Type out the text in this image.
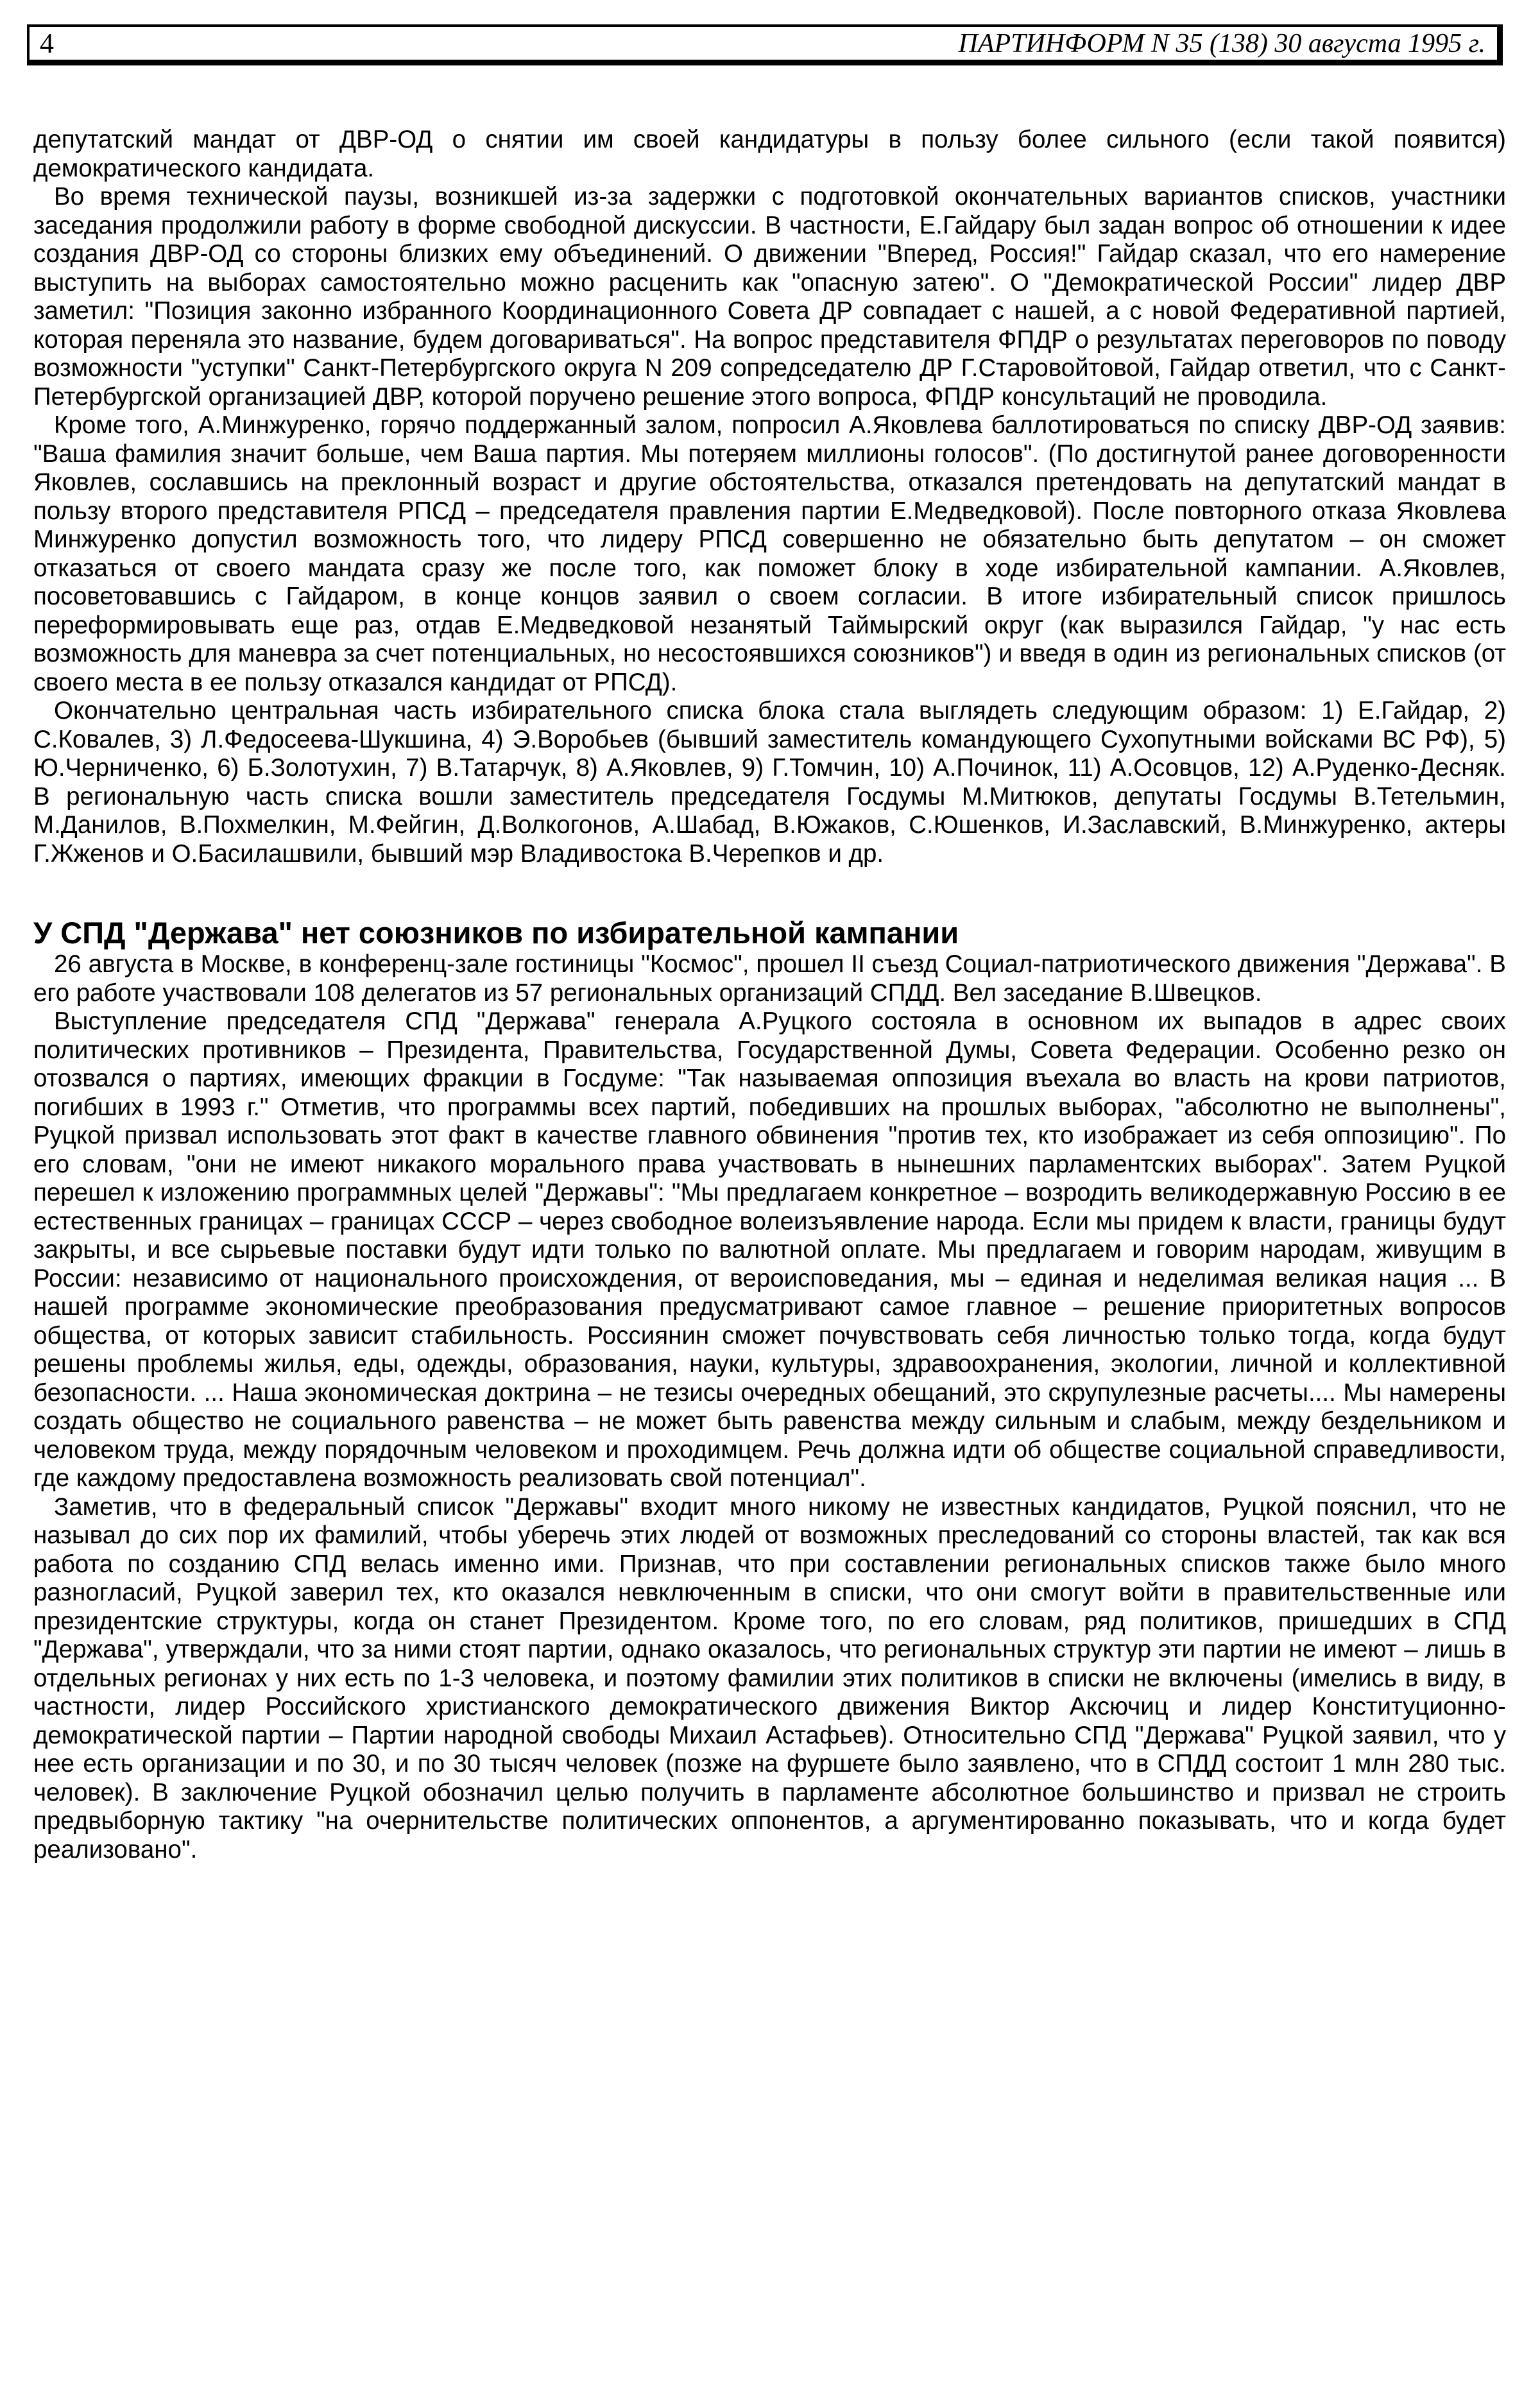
4	ПАРТИНФОРМ N 35 (138) 30 августа 1995 г.

депутатский мандат от ДВР-ОД о снятии им своей кандидатуры в пользу более сильного (если такой появится) демократического кандидата.

Во время технической паузы, возникшей из-за задержки с подготовкой окончательных вариантов списков, участники заседания продолжили работу в форме свободной дискуссии. В частности, Е.Гайдару был задан вопрос об отношении к идее создания ДВР-ОД со стороны близких ему объединений. О движении "Вперед, Россия!" Гайдар сказал, что его намерение выступить на выборах самостоятельно можно расценить как "опасную затею". О "Демократической России" лидер ДВР заметил: "Позиция законно избранного Координационного Совета ДР совпадает с нашей, а с новой Федеративной партией, которая переняла это название, будем договариваться". На вопрос представителя ФПДР о результатах переговоров по поводу возможности "уступки" Санкт-Петербургского округа N 209 сопредседателю ДР Г.Старовойтовой, Гайдар ответил, что с Санкт-Петербургской организацией ДВР, которой поручено решение этого вопроса, ФПДР консультаций не проводила.

Кроме того, А.Минжуренко, горячо поддержанный залом, попросил А.Яковлева баллотироваться по списку ДВР-ОД заявив: "Ваша фамилия значит больше, чем Ваша партия. Мы потеряем миллионы голосов". (По достигнутой ранее договоренности Яковлев, сославшись на преклонный возраст и другие обстоятельства, отказался претендовать на депутатский мандат в пользу второго представителя РПСД – председателя правления партии Е.Медведковой). После повторного отказа Яковлева Минжуренко допустил возможность того, что лидеру РПСД совершенно не обязательно быть депутатом – он сможет отказаться от своего мандата сразу же после того, как поможет блоку в ходе избирательной кампании. А.Яковлев, посоветовавшись с Гайдаром, в конце концов заявил о своем согласии. В итоге избирательный список пришлось переформировывать еще раз, отдав Е.Медведковой незанятый Таймырский округ (как выразился Гайдар, "у нас есть возможность для маневра за счет потенциальных, но несостоявшихся союзников") и введя в один из региональных списков (от своего места в ее пользу отказался кандидат от РПСД).

Окончательно центральная часть избирательного списка блока стала выглядеть следующим образом: 1) Е.Гайдар, 2) С.Ковалев, 3) Л.Федосеева-Шукшина, 4) Э.Воробьев (бывший заместитель командующего Сухопутными войсками ВС РФ), 5) Ю.Черниченко, 6) Б.Золотухин, 7) В.Татарчук, 8) А.Яковлев, 9) Г.Томчин, 10) А.Починок, 11) А.Осовцов, 12) А.Руденко-Десняк. В региональную часть списка вошли заместитель председателя Госдумы М.Митюков, депутаты Госдумы В.Тетельмин, М.Данилов, В.Похмелкин, М.Фейгин, Д.Волкогонов, А.Шабад, В.Южаков, С.Юшенков, И.Заславский, В.Минжуренко, актеры Г.Жженов и О.Басилашвили, бывший мэр Владивостока В.Черепков и др.

У СПД "Держава" нет союзников по избирательной кампании

26 августа в Москве, в конференц-зале гостиницы "Космос", прошел II съезд Социал-патриотического движения "Держава". В его работе участвовали 108 делегатов из 57 региональных организаций СПДД. Вел заседание В.Швецков.

Выступление председателя СПД "Держава" генерала А.Руцкого состояла в основном их выпадов в адрес своих политических противников – Президента, Правительства, Государственной Думы, Совета Федерации. Особенно резко он отозвался о партиях, имеющих фракции в Госдуме: "Так называемая оппозиция въехала во власть на крови патриотов, погибших в 1993 г." Отметив, что программы всех партий, победивших на прошлых выборах, "абсолютно не выполнены", Руцкой призвал использовать этот факт в качестве главного обвинения "против тех, кто изображает из себя оппозицию". По его словам, "они не имеют никакого морального права участвовать в нынешних парламентских выборах". Затем Руцкой перешел к изложению программных целей "Державы": "Мы предлагаем конкретное – возродить великодержавную Россию в ее естественных границах – границах СССР – через свободное волеизъявление народа. Если мы придем к власти, границы будут закрыты, и все сырьевые поставки будут идти только по валютной оплате. Мы предлагаем и говорим народам, живущим в России: независимо от национального происхождения, от вероисповедания, мы – единая и неделимая великая нация ... В нашей программе экономические преобразования предусматривают самое главное – решение приоритетных вопросов общества, от которых зависит стабильность. Россиянин сможет почувствовать себя личностью только тогда, когда будут решены проблемы жилья, еды, одежды, образования, науки, культуры, здравоохранения, экологии, личной и коллективной безопасности. ... Наша экономическая доктрина – не тезисы очередных обещаний, это скрупулезные расчеты.... Мы намерены создать общество не социального равенства – не может быть равенства между сильным и слабым, между бездельником и человеком труда, между порядочным человеком и проходимцем. Речь должна идти об обществе социальной справедливости, где каждому предоставлена возможность реализовать свой потенциал".

Заметив, что в федеральный список "Державы" входит много никому не известных кандидатов, Руцкой пояснил, что не называл до сих пор их фамилий, чтобы уберечь этих людей от возможных преследований со стороны властей, так как вся работа по созданию СПД велась именно ими. Признав, что при составлении региональных списков также было много разногласий, Руцкой заверил тех, кто оказался невключенным в списки, что они смогут войти в правительственные или президентские структуры, когда он станет Президентом. Кроме того, по его словам, ряд политиков, пришедших в СПД "Держава", утверждали, что за ними стоят партии, однако оказалось, что региональных структур эти партии не имеют – лишь в отдельных регионах у них есть по 1-3 человека, и поэтому фамилии этих политиков в списки не включены (имелись в виду, в частности, лидер Российского христианского демократического движения Виктор Аксючиц и лидер Конституционно-демократической партии – Партии народной свободы Михаил Астафьев). Относительно СПД "Держава" Руцкой заявил, что у нее есть организации и по 30, и по 30 тысяч человек (позже на фуршете было заявлено, что в СПДД состоит 1 млн 280 тыс. человек). В заключение Руцкой обозначил целью получить в парламенте абсолютное большинство и призвал не строить предвыборную тактику "на очернительстве политических оппонентов, а аргументированно показывать, что и когда будет реализовано".
